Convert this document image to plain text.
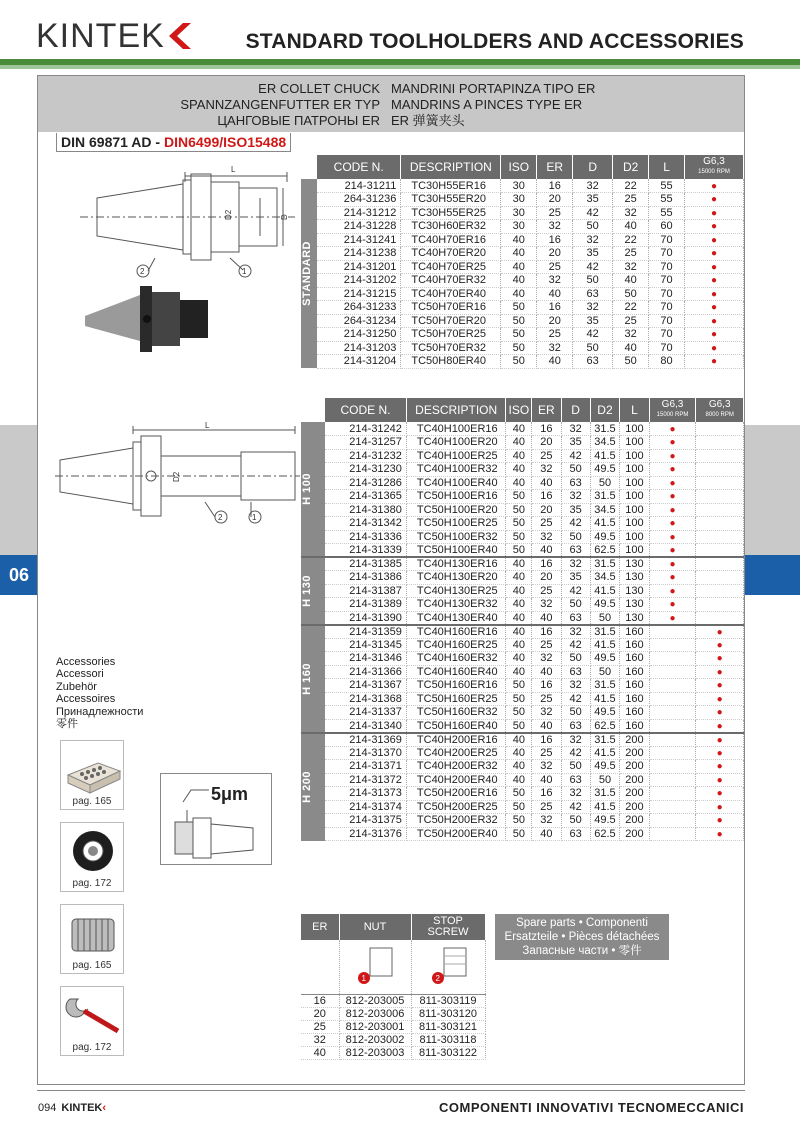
KINTEK	STANDARD TOOLHOLDERS AND ACCESSORIES
06
ER COLLET CHUCK
SPANNZANGENFUTTER ER TYP
ЦАНГОВЫЕ ПАТРОНЫ ER
MANDRINI PORTAPINZA TIPO ER
MANDRINS A PINCES TYPE ER
ER 弹簧夹头
DIN 69871 AD - DIN6499/ISO15488
L
D2	D
2	1
	CODE N.	DESCRIPTION	ISO	ER	D	D2	L	G6,3
15000 RPM

STANDARD	214-31211	TC30H55ER16	30	16	32	22	55	●
	264-31236	TC30H55ER20	30	20	35	25	55	●
	214-31212	TC30H55ER25	30	25	42	32	55	●
	214-31228	TC30H60ER32	30	32	50	40	60	●
	214-31241	TC40H70ER16	40	16	32	22	70	●
	214-31238	TC40H70ER20	40	20	35	25	70	●
	214-31201	TC40H70ER25	40	25	42	32	70	●
	214-31202	TC40H70ER32	40	32	50	40	70	●
	214-31215	TC40H70ER40	40	40	63	50	70	●
	264-31233	TC50H70ER16	50	16	32	22	70	●
	264-31234	TC50H70ER20	50	20	35	25	70	●
	214-31250	TC50H70ER25	50	25	42	32	70	●
	214-31203	TC50H70ER32	50	32	50	40	70	●
	214-31204	TC50H80ER40	50	40	63	50	80	●
L
D2
2	1
	CODE N.	DESCRIPTION	ISO	ER	D	D2	L	G6,3
15000 RPM	G6,3
8000 RPM

H 100	214-31242	TC40H100ER16	40	16	32	31.5	100	●	
	214-31257	TC40H100ER20	40	20	35	34.5	100	●	
	214-31232	TC40H100ER25	40	25	42	41.5	100	●	
	214-31230	TC40H100ER32	40	32	50	49.5	100	●	
	214-31286	TC40H100ER40	40	40	63	50	100	●	
	214-31365	TC50H100ER16	50	16	32	31.5	100	●	
	214-31380	TC50H100ER20	50	20	35	34.5	100	●	
	214-31342	TC50H100ER25	50	25	42	41.5	100	●	
	214-31336	TC50H100ER32	50	32	50	49.5	100	●	
	214-31339	TC50H100ER40	50	40	63	62.5	100	●	

H 130	214-31385	TC40H130ER16	40	16	32	31.5	130	●	
	214-31386	TC40H130ER20	40	20	35	34.5	130	●	
	214-31387	TC40H130ER25	40	25	42	41.5	130	●	
	214-31389	TC40H130ER32	40	32	50	49.5	130	●	
	214-31390	TC40H130ER40	40	40	63	50	130	●	

H 160	214-31359	TC40H160ER16	40	16	32	31.5	160		●
	214-31345	TC40H160ER25	40	25	42	41.5	160		●
	214-31346	TC40H160ER32	40	32	50	49.5	160		●
	214-31366	TC40H160ER40	40	40	63	50	160		●
	214-31367	TC50H160ER16	50	16	32	31.5	160		●
	214-31368	TC50H160ER25	50	25	42	41.5	160		●
	214-31337	TC50H160ER32	50	32	50	49.5	160		●
	214-31340	TC50H160ER40	50	40	63	62.5	160		●

H 200	214-31369	TC40H200ER16	40	16	32	31.5	200		●
	214-31370	TC40H200ER25	40	25	42	41.5	200		●
	214-31371	TC40H200ER32	40	32	50	49.5	200		●
	214-31372	TC40H200ER40	40	40	63	50	200		●
	214-31373	TC50H200ER16	50	16	32	31.5	200		●
	214-31374	TC50H200ER25	50	25	42	41.5	200		●
	214-31375	TC50H200ER32	50	32	50	49.5	200		●
	214-31376	TC50H200ER40	50	40	63	62.5	200		●
Accessories
Accessori
Zubehör
Accessoires
Принадлежности
零件
pag. 165
pag. 172
pag. 165
pag. 172
5μm
ER	NUT	STOP SCREW

1	2

16	812-203005	811-303119
20	812-203006	811-303120
25	812-203001	811-303121
32	812-203002	811-303118
40	812-203003	811-303122
Spare parts • Componenti
Ersatzteile • Pièces détachées
Запасные части • 零件
094 KINTEK‹	COMPONENTI INNOVATIVI TECNOMECCANICI
